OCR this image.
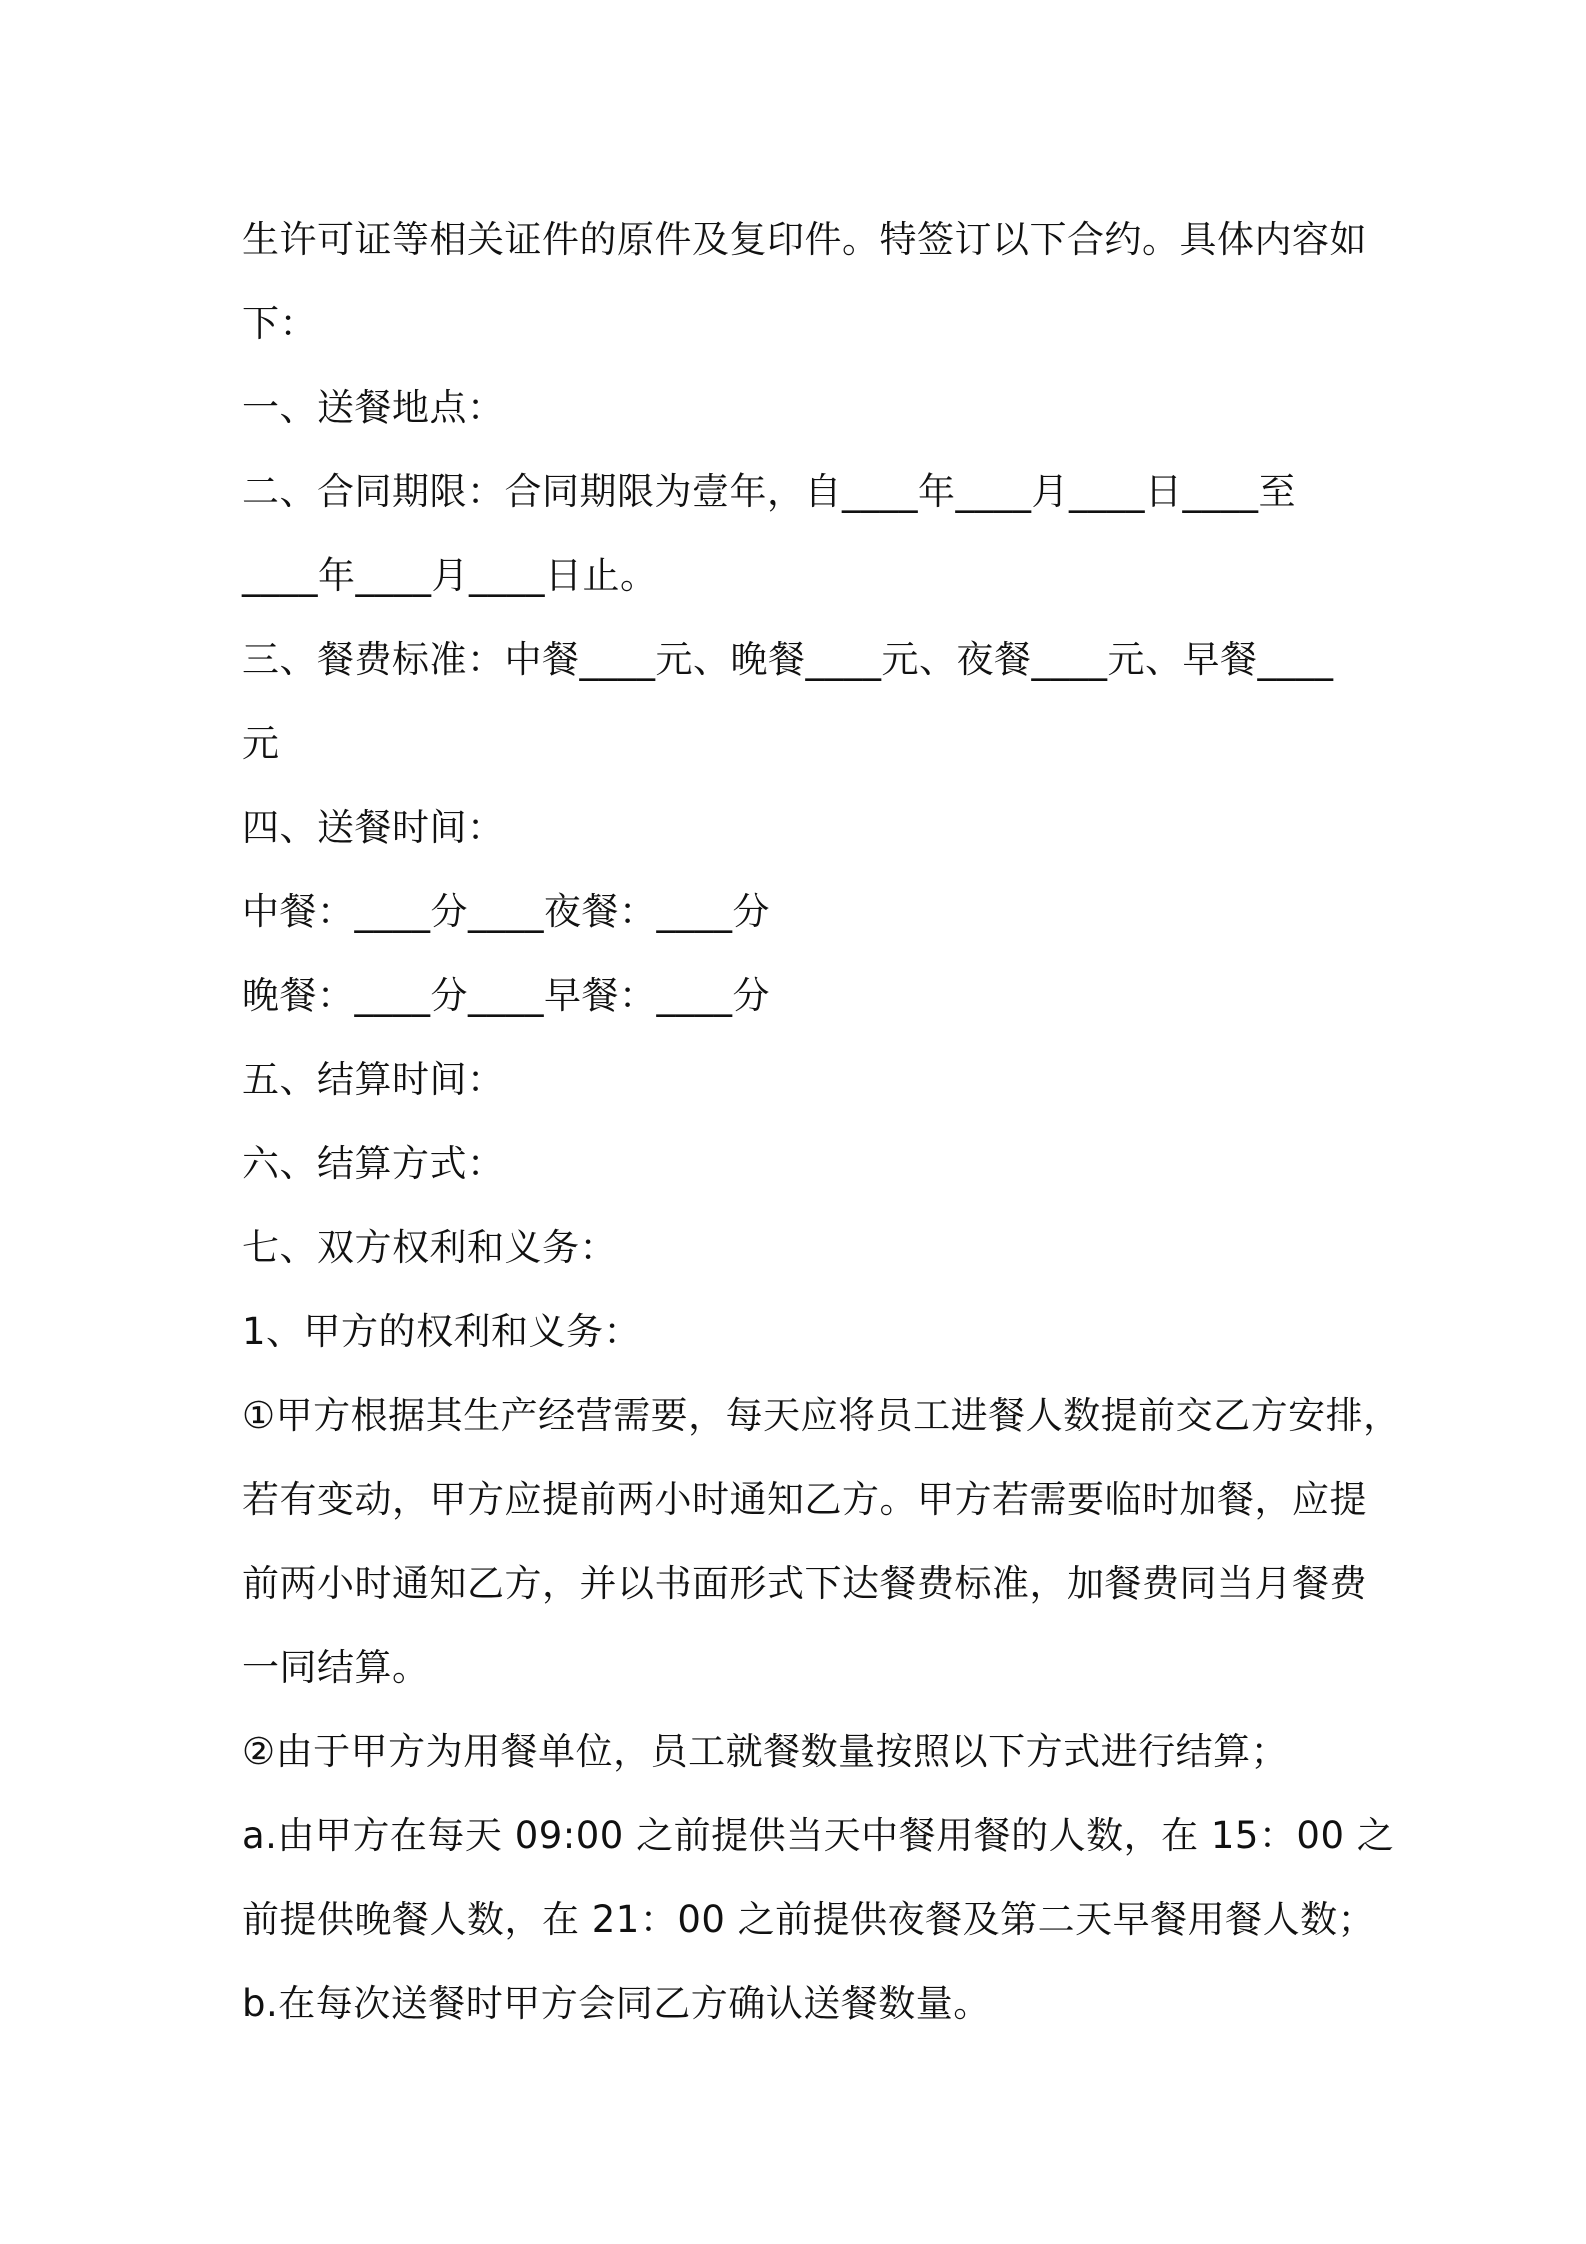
生许可证等相关证件的原件及复印件。特签订以下合约。具体内容如
下：
一、送餐地点：
二、合同期限：合同期限为壹年，自____年____月____日____至
____年____月____日止。
三、餐费标准：中餐____元、晚餐____元、夜餐____元、早餐____
元
四、送餐时间：
中餐：____分____夜餐：____分
晚餐：____分____早餐：____分
五、结算时间：
六、结算方式：
七、双方权利和义务：
1、甲方的权利和义务：
①甲方根据其生产经营需要，每天应将员工进餐人数提前交乙方安排，
若有变动，甲方应提前两小时通知乙方。甲方若需要临时加餐，应提
前两小时通知乙方，并以书面形式下达餐费标准，加餐费同当月餐费
一同结算。
②由于甲方为用餐单位，员工就餐数量按照以下方式进行结算；
a.由甲方在每天 09:00 之前提供当天中餐用餐的人数，在 15：00 之
前提供晚餐人数，在 21：00 之前提供夜餐及第二天早餐用餐人数；
b.在每次送餐时甲方会同乙方确认送餐数量。
